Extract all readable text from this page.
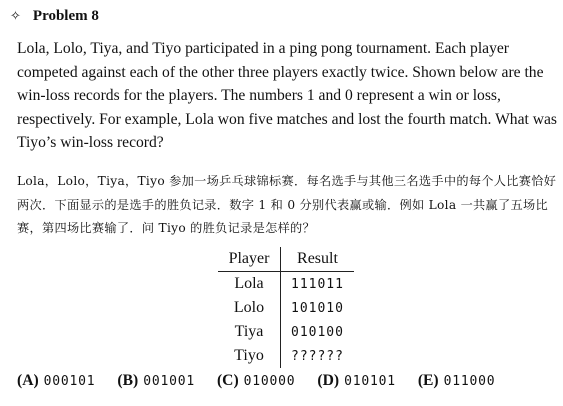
✧ Problem 8

Lola, Lolo, Tiya, and Tiyo participated in a ping pong tournament. Each player competed against each of the other three players exactly twice. Shown below are the win-loss records for the players. The numbers 1 and 0 represent a win or loss, respectively. For example, Lola won five matches and lost the fourth match. What was Tiyo’s win-loss record?

Lola，Lolo，Tiya，Tiyo 参加一场乒乓球锦标赛．每名选手与其他三名选手中的每个人比赛恰好两次．下面显示的是选手的胜负记录．数字 1 和 0 分别代表赢或输．例如 Lola 一共赢了五场比赛，第四场比赛输了．问 Tiyo 的胜负记录是怎样的？

Player	Result
Lola	111011
Lolo	101010
Tiya	010100
Tiyo	??????
(A) 000101 (B) 001001 (C) 010000 (D) 010101 (E) 011000
